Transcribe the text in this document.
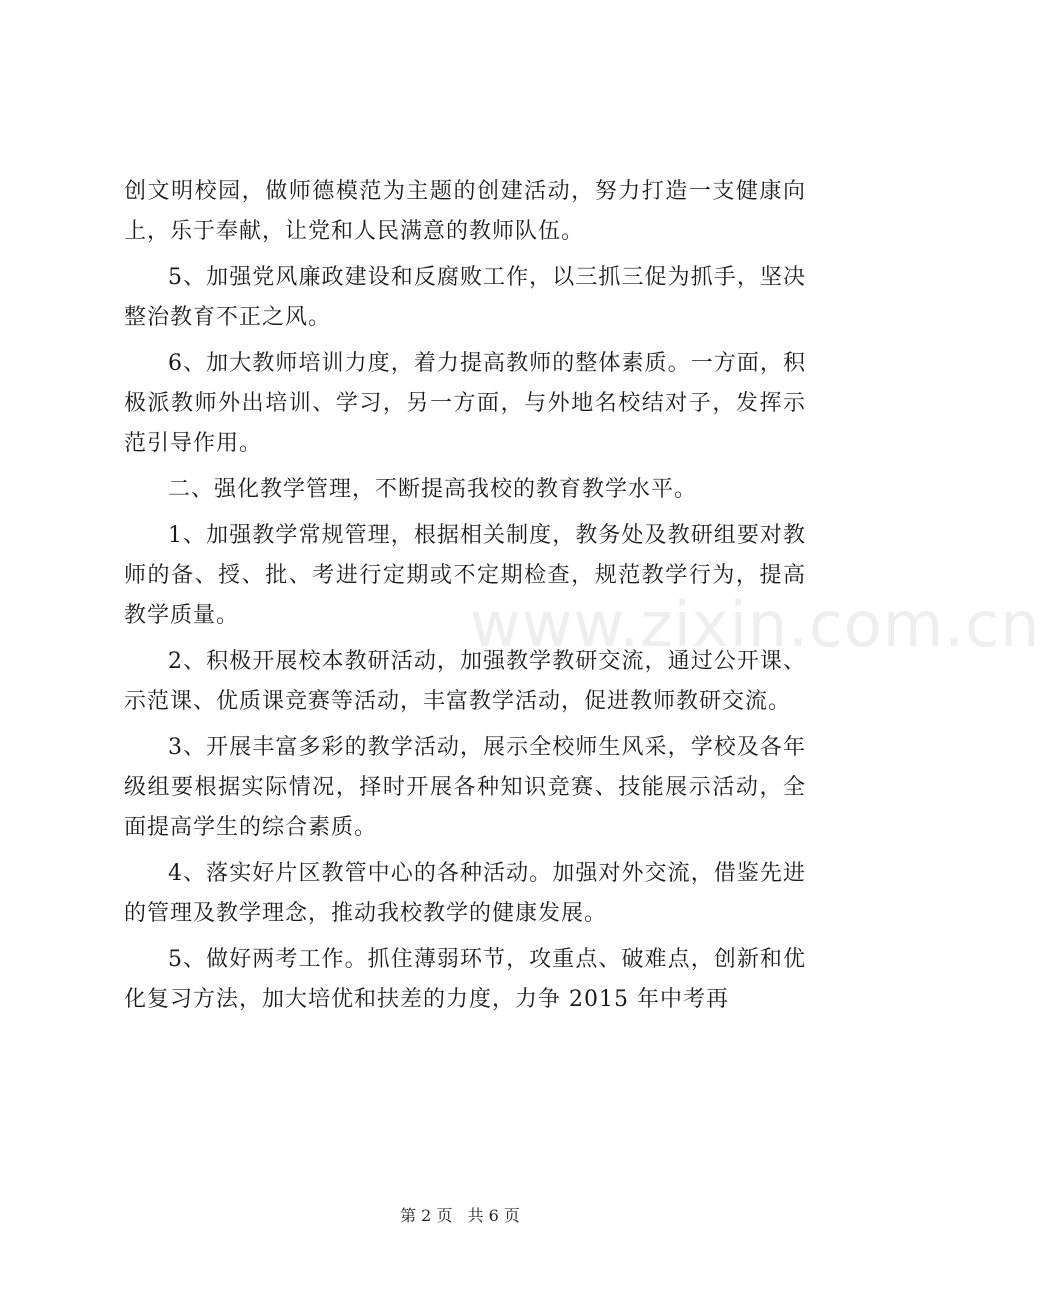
www.zixin.com.cn

创文明校园，做师德模范为主题的创建活动，努力打造一支健康向上，乐于奉献，让党和人民满意的教师队伍。

5、加强党风廉政建设和反腐败工作，以三抓三促为抓手，坚决整治教育不正之风。

6、加大教师培训力度，着力提高教师的整体素质。一方面，积极派教师外出培训、学习，另一方面，与外地名校结对子，发挥示范引导作用。

二、强化教学管理，不断提高我校的教育教学水平。

1、加强教学常规管理，根据相关制度，教务处及教研组要对教师的备、授、批、考进行定期或不定期检查，规范教学行为，提高教学质量。

2、积极开展校本教研活动，加强教学教研交流，通过公开课、示范课、优质课竞赛等活动，丰富教学活动，促进教师教研交流。

3、开展丰富多彩的教学活动，展示全校师生风采，学校及各年级组要根据实际情况，择时开展各种知识竞赛、技能展示活动，全面提高学生的综合素质。

4、落实好片区教管中心的各种活动。加强对外交流，借鉴先进的管理及教学理念，推动我校教学的健康发展。

5、做好两考工作。抓住薄弱环节，攻重点、破难点，创新和优化复习方法，加大培优和扶差的力度，力争 2015 年中考再

第 2 页 共 6 页
